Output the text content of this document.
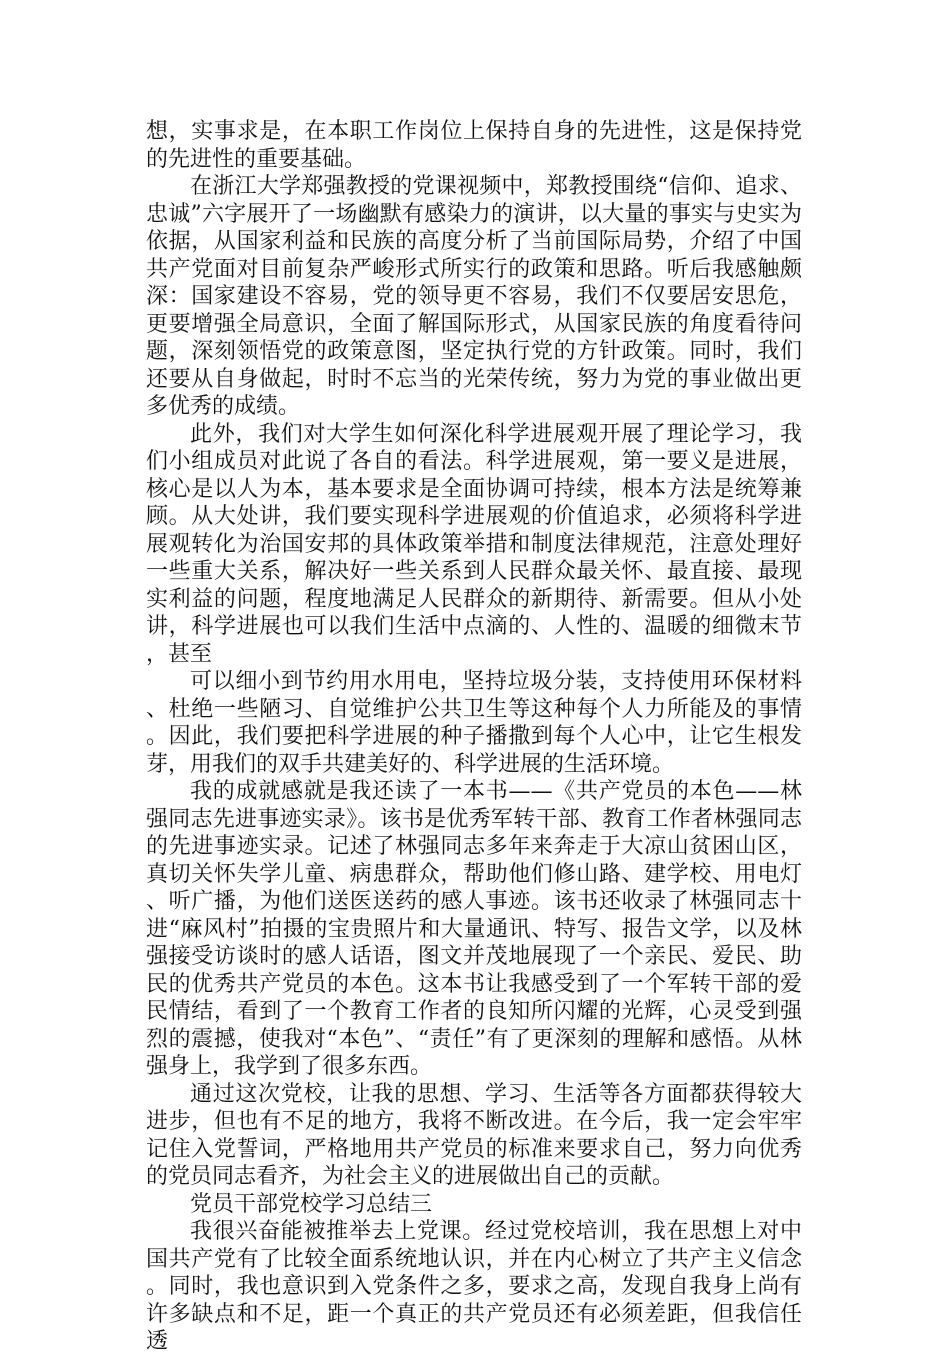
想，实事求是，在本职工作岗位上保持自身的先进性，这是保持党的先进性的重要基础。

在浙江大学郑强教授的党课视频中，郑教授围绕“信仰、追求、忠诚”六字展开了一场幽默有感染力的演讲，以大量的事实与史实为依据，从国家利益和民族的高度分析了当前国际局势，介绍了中国共产党面对目前复杂严峻形式所实行的政策和思路。听后我感触颇深：国家建设不容易，党的领导更不容易，我们不仅要居安思危，更要增强全局意识，全面了解国际形式，从国家民族的角度看待问题，深刻领悟党的政策意图，坚定执行党的方针政策。同时，我们还要从自身做起，时时不忘当的光荣传统，努力为党的事业做出更多优秀的成绩。

此外，我们对大学生如何深化科学进展观开展了理论学习，我们小组成员对此说了各自的看法。科学进展观，第一要义是进展，核心是以人为本，基本要求是全面协调可持续，根本方法是统筹兼顾。从大处讲，我们要实现科学进展观的价值追求，必须将科学进展观转化为治国安邦的具体政策举措和制度法律规范，注意处理好一些重大关系，解决好一些关系到人民群众最关怀、最直接、最现实利益的问题，程度地满足人民群众的新期待、新需要。但从小处讲，科学进展也可以我们生活中点滴的、人性的、温暖的细微末节，甚至

可以细小到节约用水用电，坚持垃圾分装，支持使用环保材料、杜绝一些陋习、自觉维护公共卫生等这种每个人力所能及的事情。因此，我们要把科学进展的种子播撒到每个人心中，让它生根发芽，用我们的双手共建美好的、科学进展的生活环境。

我的成就感就是我还读了一本书——《共产党员的本色——林强同志先进事迹实录》。该书是优秀军转干部、教育工作者林强同志的先进事迹实录。记述了林强同志多年来奔走于大凉山贫困山区，真切关怀失学儿童、病患群众，帮助他们修山路、建学校、用电灯、听广播，为他们送医送药的感人事迹。该书还收录了林强同志十进“麻风村”拍摄的宝贵照片和大量通讯、特写、报告文学，以及林强接受访谈时的感人话语，图文并茂地展现了一个亲民、爱民、助民的优秀共产党员的本色。这本书让我感受到了一个军转干部的爱民情结，看到了一个教育工作者的良知所闪耀的光辉，心灵受到强烈的震撼，使我对“本色”、“责任”有了更深刻的理解和感悟。从林强身上，我学到了很多东西。

通过这次党校，让我的思想、学习、生活等各方面都获得较大进步，但也有不足的地方，我将不断改进。在今后，我一定会牢牢记住入党誓词，严格地用共产党员的标准来要求自己，努力向优秀的党员同志看齐，为社会主义的进展做出自己的贡献。

党员干部党校学习总结三

我很兴奋能被推举去上党课。经过党校培训，我在思想上对中国共产党有了比较全面系统地认识，并在内心树立了共产主义信念。同时，我也意识到入党条件之多，要求之高，发现自我身上尚有许多缺点和不足，距一个真正的共产党员还有必须差距，但我信任透
